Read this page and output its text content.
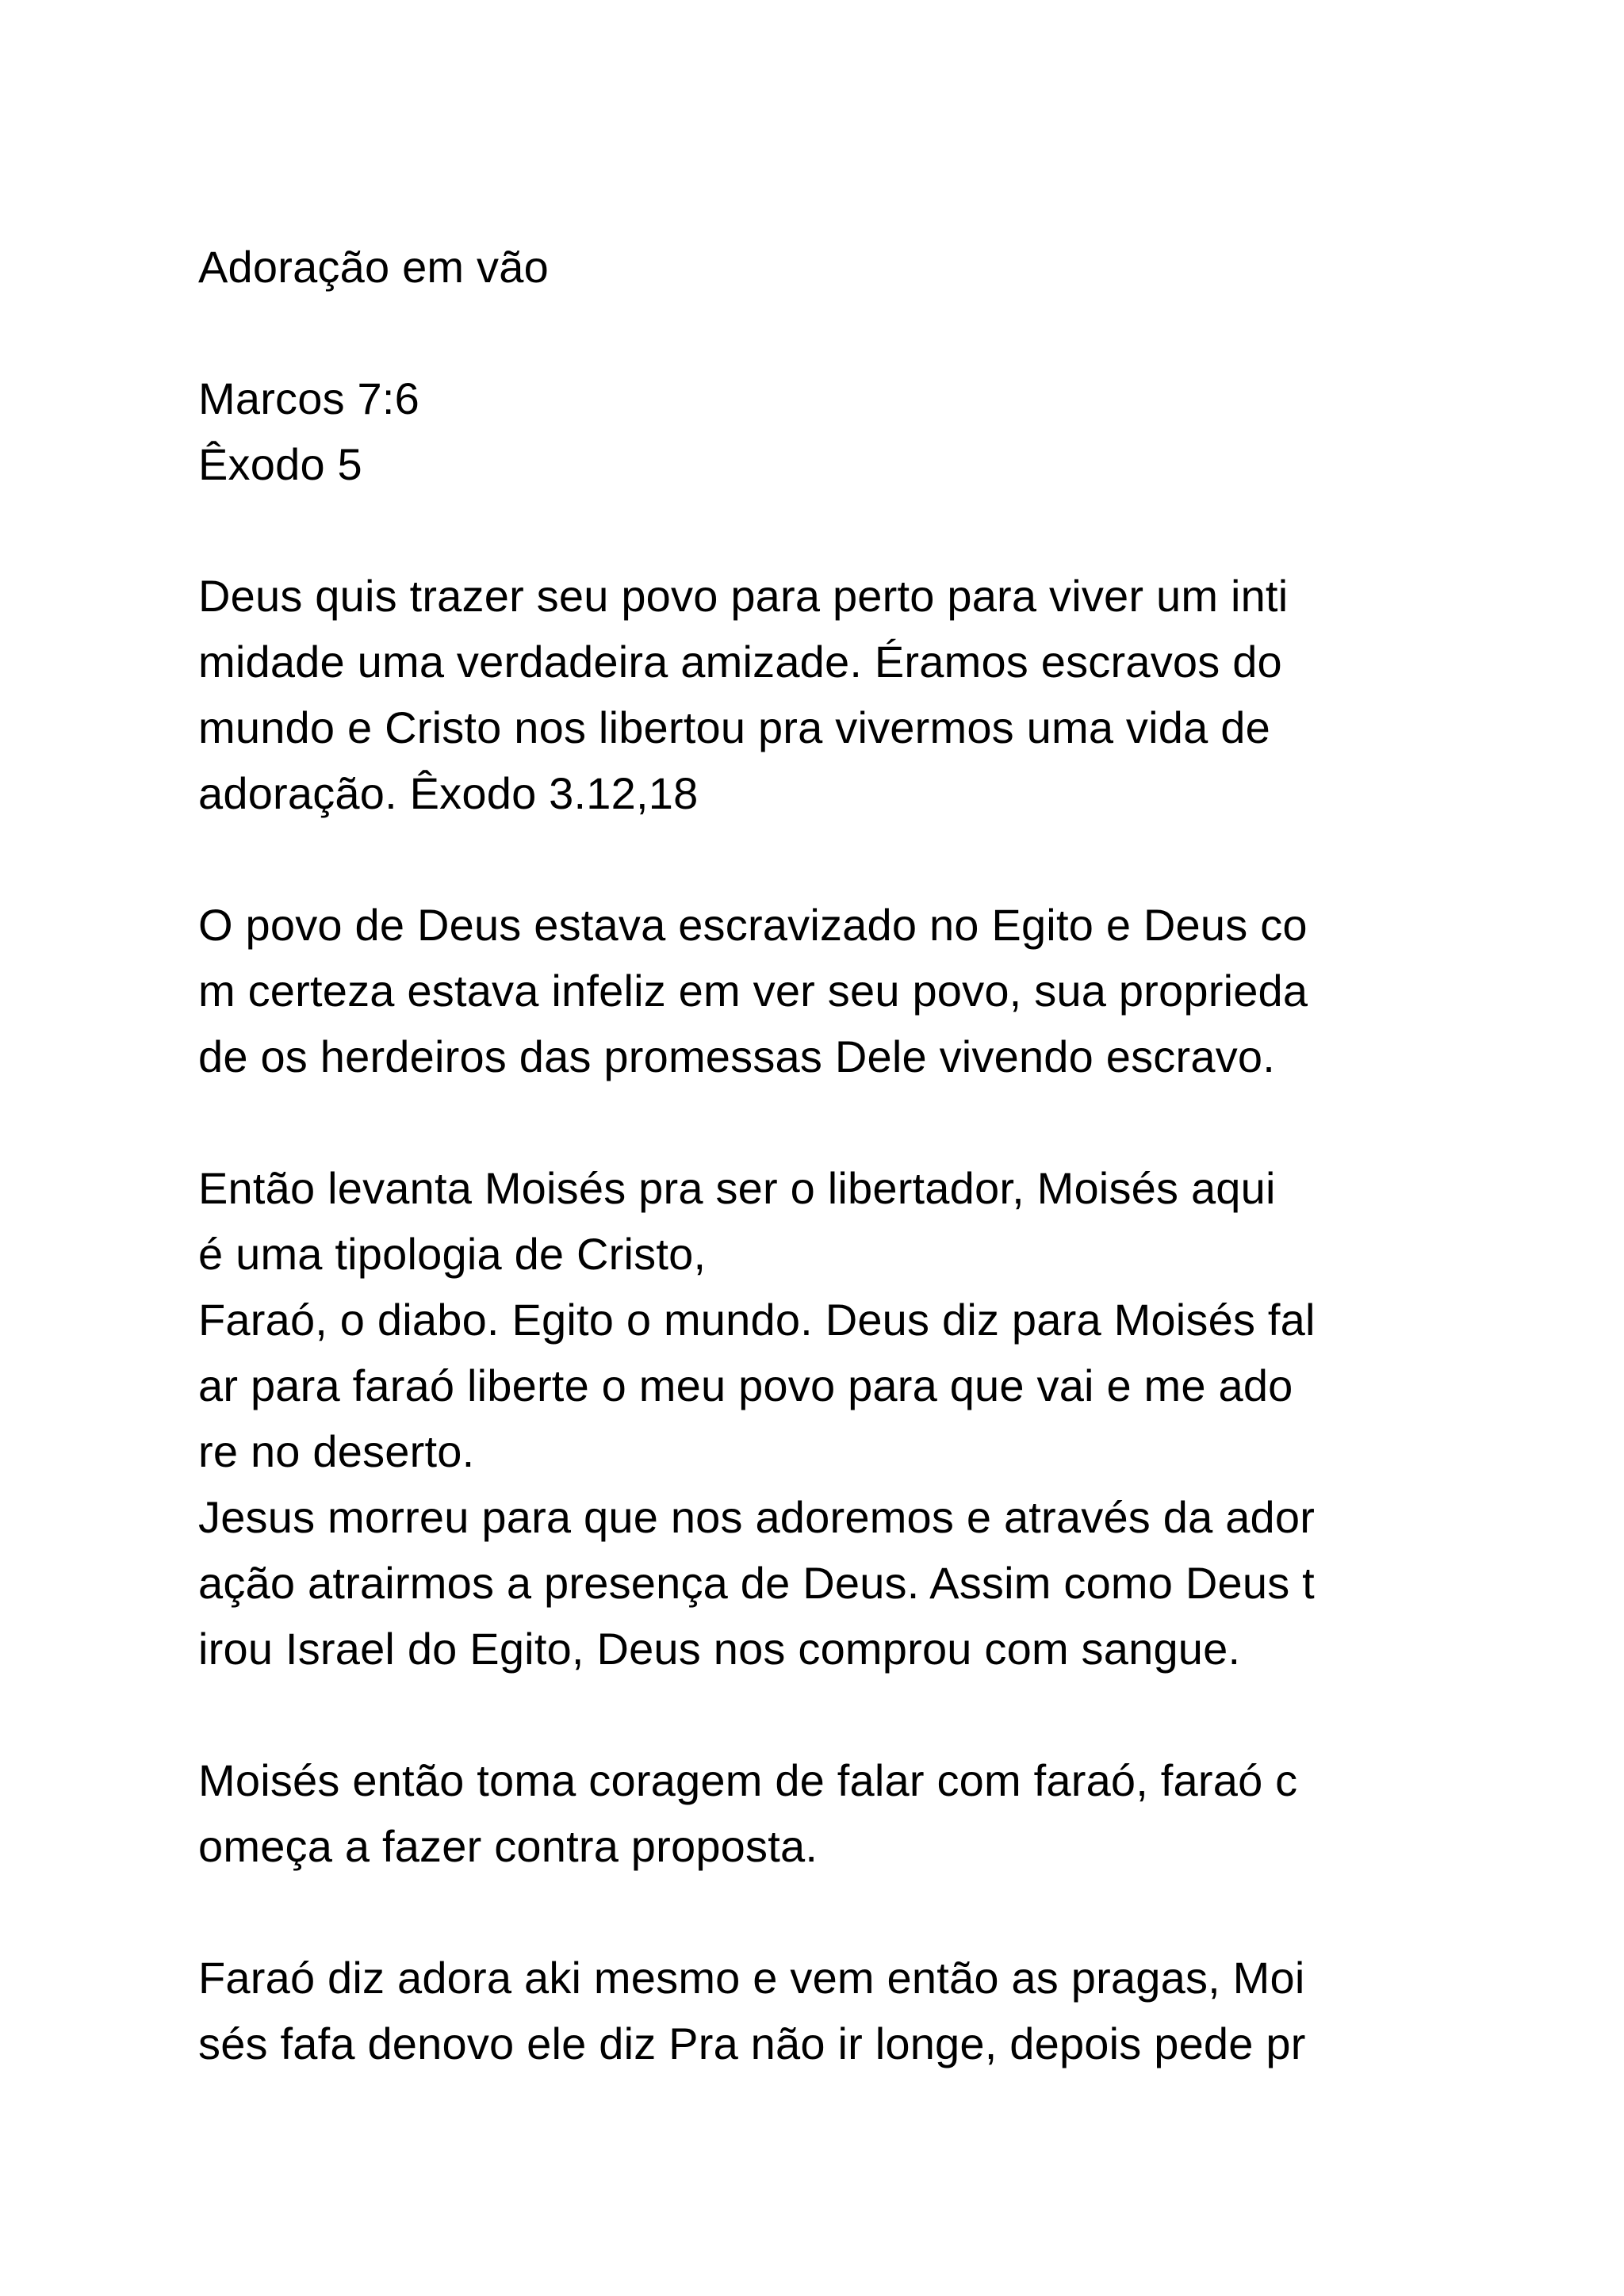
Adoração em vão
Marcos 7:6
Êxodo 5
Deus quis trazer seu povo para perto para viver um inti
midade uma verdadeira amizade. Éramos escravos do
mundo e Cristo nos libertou pra vivermos uma vida de
adoração. Êxodo 3.12,18
O povo de Deus estava escravizado no Egito e Deus co
m certeza estava infeliz em ver seu povo, sua proprieda
de os herdeiros das promessas Dele vivendo escravo.
Então levanta Moisés pra ser o libertador, Moisés aqui
é uma tipologia de Cristo,
Faraó, o diabo. Egito o mundo. Deus diz para Moisés fal
ar para faraó liberte o meu povo para que vai e me ado
re no deserto.
Jesus morreu para que nos adoremos e através da ador
ação atrairmos a presença de Deus. Assim como Deus t
irou Israel do Egito, Deus nos comprou com sangue.
Moisés então toma coragem de falar com faraó, faraó c
omeça a fazer contra proposta.
Faraó diz adora aki mesmo e vem então as pragas, Moi
sés fafa denovo ele diz Pra não ir longe, depois pede pr
